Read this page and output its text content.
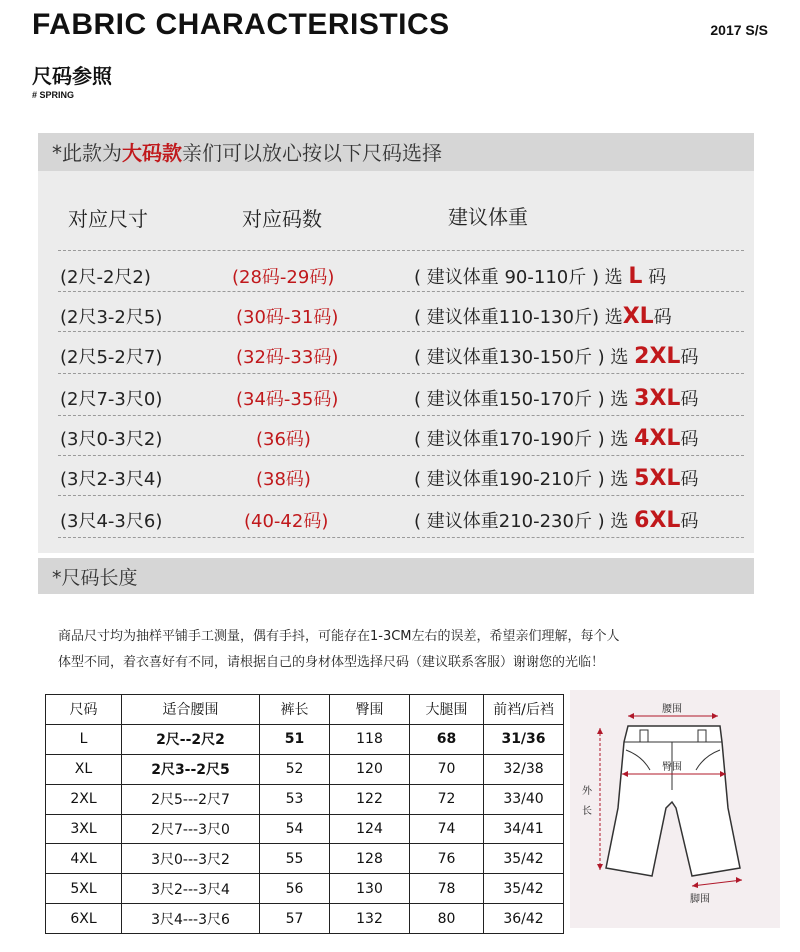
FABRIC CHARACTERISTICS	2017 S/S
尺码参照
# SPRING
*此款为大码款亲们可以放心按以下尺码选择
对应尺寸	对应码数	建议体重
(2尺-2尺2)	(28码-29码)	( 建议体重 90-110斤 ) 选 L 码
(2尺3-2尺5)	(30码-31码)	( 建议体重110-130斤) 选XL码
(2尺5-2尺7)	(32码-33码)	( 建议体重130-150斤 ) 选 2XL码
(2尺7-3尺0)	(34码-35码)	( 建议体重150-170斤 ) 选 3XL码
(3尺0-3尺2)	(36码)	( 建议体重170-190斤 ) 选 4XL码
(3尺2-3尺4)	(38码)	( 建议体重190-210斤 ) 选 5XL码
(3尺4-3尺6)	(40-42码)	( 建议体重210-230斤 ) 选 6XL码
*尺码长度
商品尺寸均为抽样平铺手工测量，偶有手抖，可能存在1-3CM左右的误差，希望亲们理解，每个人
体型不同，着衣喜好有不同，请根据自己的身材体型选择尺码（建议联系客服）谢谢您的光临！
尺码	适合腰围	裤长	臀围	大腿围	前裆/后裆
L	2尺--2尺2	51	118	68	31/36
XL	2尺3--2尺5	52	120	70	32/38
2XL	2尺5---2尺7	53	122	72	33/40
3XL	2尺7---3尺0	54	124	74	34/41
4XL	3尺0---3尺2	55	128	76	35/42
5XL	3尺2---3尺4	56	130	78	35/42
6XL	3尺4---3尺6	57	132	80	36/42
腰围
臀围
外
长
脚围
